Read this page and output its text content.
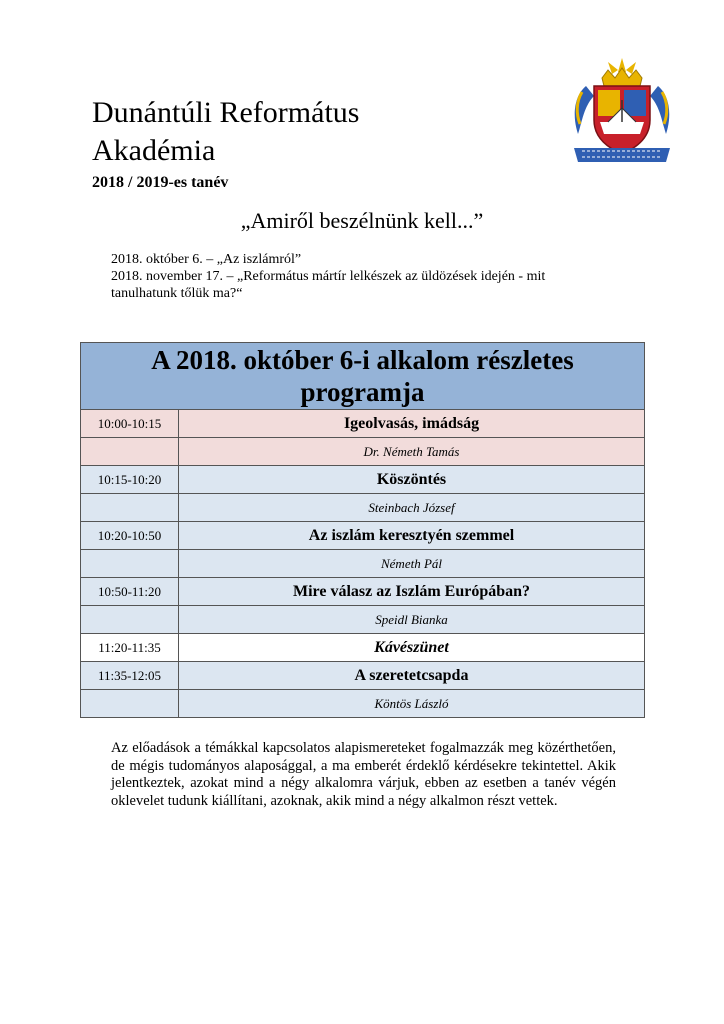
Dunántúli Református
Akadémia
2018 / 2019-es tanév
„Amiről beszélnünk kell...”
2018. október 6. – „Az iszlámról”
2018. november 17. – „Református mártír lelkészek az üldözések idején - mit
tanulhatunk tőlük ma?“
A 2018. október 6-i alkalom részletes
programja	

10:00-10:15	Igeolvasás, imádság
	Dr. Németh Tamás
10:15-10:20	Köszöntés
	Steinbach József
10:20-10:50	Az iszlám keresztyén szemmel
	Németh Pál
10:50-11:20	Mire válasz az Iszlám Európában?
	Speidl Bianka
11:20-11:35	Kávészünet
11:35-12:05	A szeretetcsapda
	Köntös László
Az előadások a témákkal kapcsolatos alapismereteket fogalmazzák meg közérthetően, de mégis tudományos alaposággal, a ma emberét érdeklő kérdésekre tekintettel. Akik jelentkeztek, azokat mind a négy alkalomra várjuk, ebben az esetben a tanév végén oklevelet tudunk kiállítani, azoknak, akik mind a négy alkalmon részt vettek.
